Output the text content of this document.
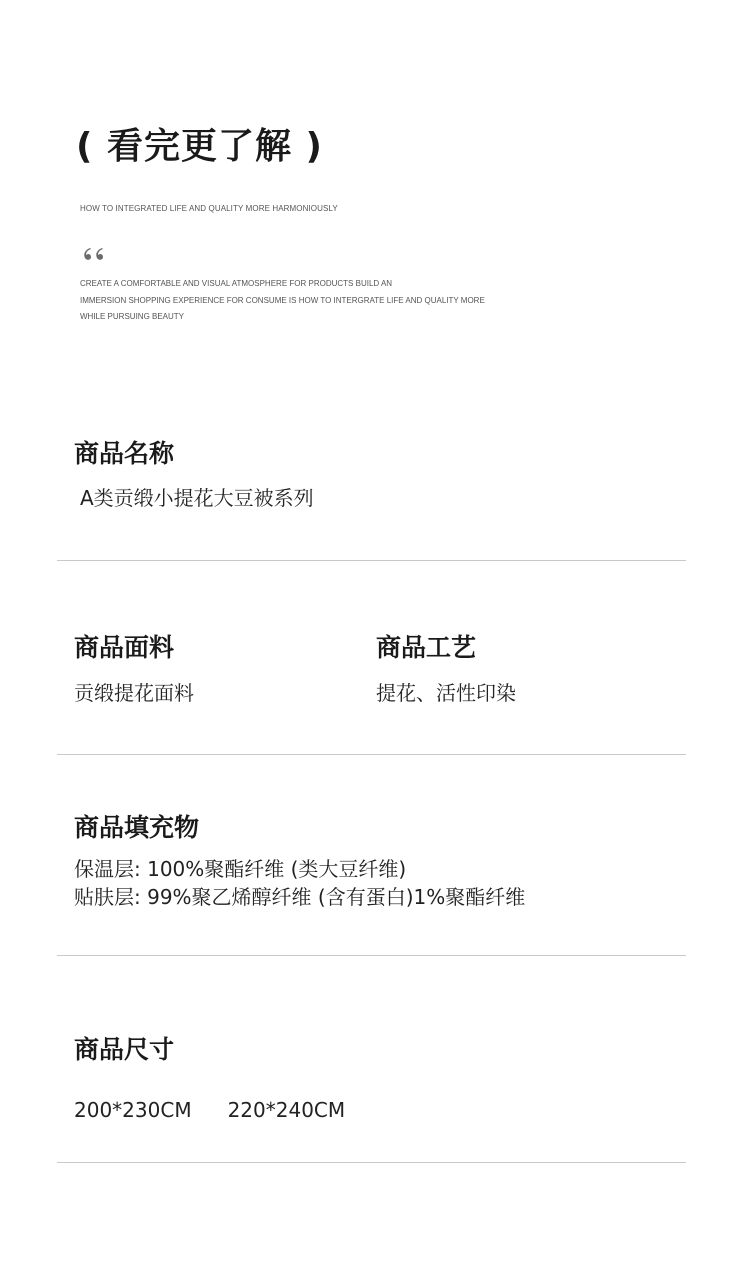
( 看完更了解 )
HOW TO INTEGRATED LIFE AND QUALITY MORE HARMONIOUSLY
CREATE A COMFORTABLE AND VISUAL ATMOSPHERE FOR PRODUCTS BUILD AN
IMMERSION SHOPPING EXPERIENCE FOR CONSUME IS HOW TO INTERGRATE LIFE AND QUALITY MORE
WHILE PURSUING BEAUTY
商品名称
A类贡缎小提花大豆被系列
商品面料
贡缎提花面料
商品工艺
提花、活性印染
商品填充物
保温层: 100%聚酯纤维 (类大豆纤维)
贴肤层: 99%聚乙烯醇纤维 (含有蛋白)1%聚酯纤维
商品尺寸
200*230CM 220*240CM
